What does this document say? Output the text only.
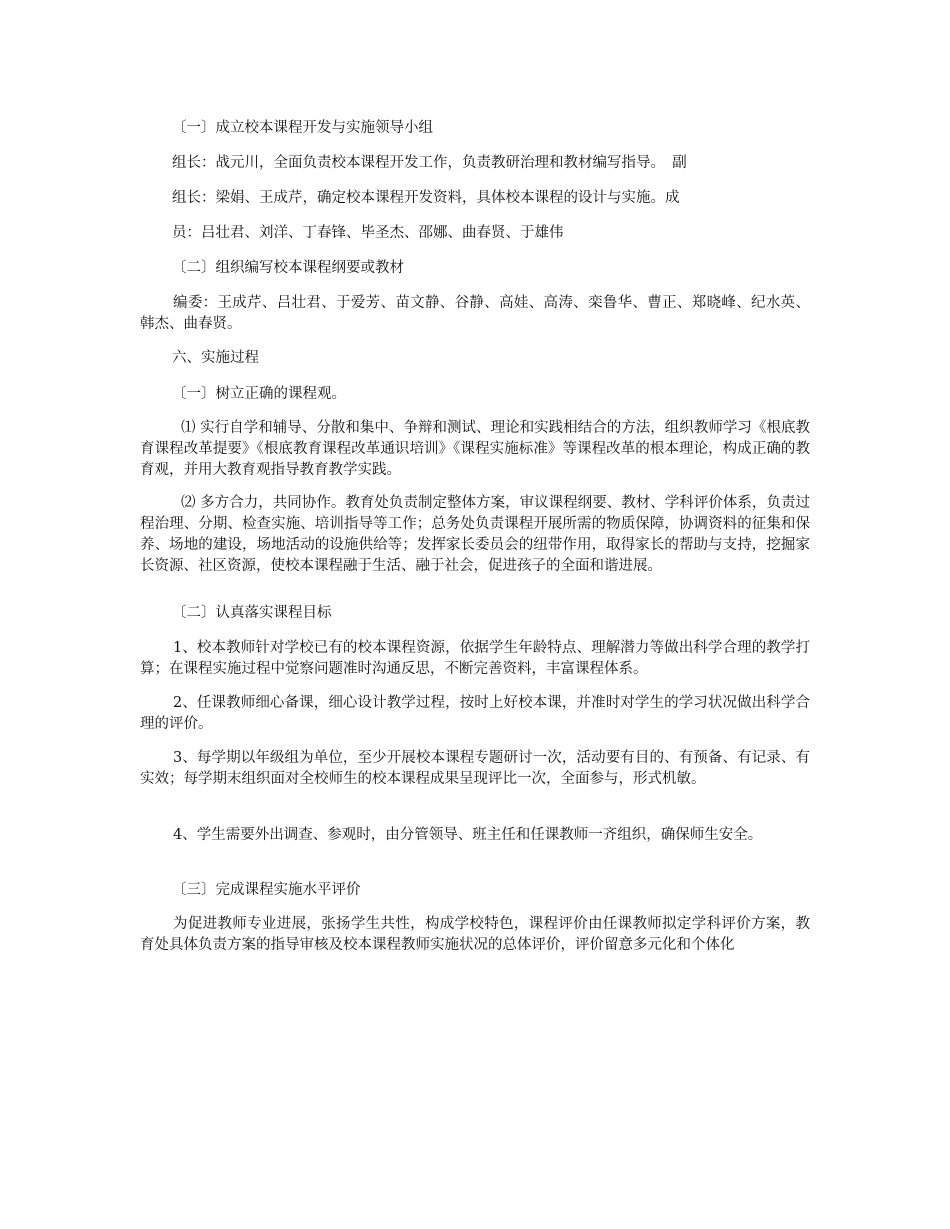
〔一〕成立校本课程开发与实施领导小组

组长：战元川，全面负责校本课程开发工作，负责教研治理和教材编写指导。　副

组长：梁娟、王成芹，确定校本课程开发资料，具体校本课程的设计与实施。成

员：吕壮君、刘洋、丁春锋、毕圣杰、邵娜、曲春贤、于雄伟

〔二〕组织编写校本课程纲要或教材

编委：王成芹、吕壮君、于爱芳、苗文静、谷静、高娃、高涛、栾鲁华、曹正、郑晓峰、纪水英、韩杰、曲春贤。

六、实施过程

〔一〕树立正确的课程观。

⑴ 实行自学和辅导、分散和集中、争辩和测试、理论和实践相结合的方法，组织教师学习《根底教育课程改革提要》《根底教育课程改革通识培训》《课程实施标准》等课程改革的根本理论，构成正确的教育观，并用大教育观指导教育教学实践。

⑵ 多方合力，共同协作。教育处负责制定整体方案，审议课程纲要、教材、学科评价体系，负责过程治理、分期、检查实施、培训指导等工作；总务处负责课程开展所需的物质保障，协调资料的征集和保养、场地的建设，场地活动的设施供给等；发挥家长委员会的纽带作用，取得家长的帮助与支持，挖掘家长资源、社区资源，使校本课程融于生活、融于社会，促进孩子的全面和谐进展。

〔二〕认真落实课程目标

1、校本教师针对学校已有的校本课程资源，依据学生年龄特点、理解潜力等做出科学合理的教学打算；在课程实施过程中觉察问题准时沟通反思，不断完善资料，丰富课程体系。

2、任课教师细心备课，细心设计教学过程，按时上好校本课，并准时对学生的学习状况做出科学合理的评价。

3、每学期以年级组为单位，至少开展校本课程专题研讨一次，活动要有目的、有预备、有记录、有实效；每学期末组织面对全校师生的校本课程成果呈现评比一次，全面参与，形式机敏。

4、学生需要外出调查、参观时，由分管领导、班主任和任课教师一齐组织，确保师生安全。

〔三〕完成课程实施水平评价

为促进教师专业进展，张扬学生共性，构成学校特色，课程评价由任课教师拟定学科评价方案，教育处具体负责方案的指导审核及校本课程教师实施状况的总体评价，评价留意多元化和个体化
